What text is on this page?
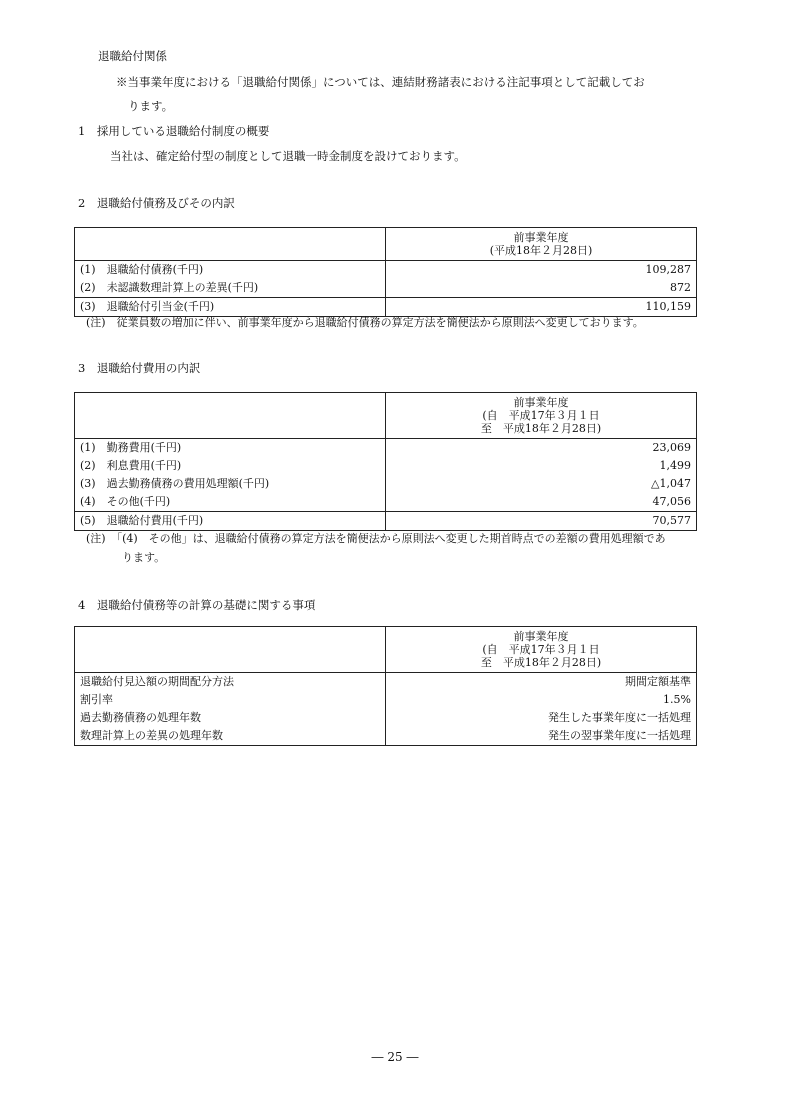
退職給付関係
※当事業年度における「退職給付関係」については、連結財務諸表における注記事項として記載してお
ります。
1　採用している退職給付制度の概要
当社は、確定給付型の制度として退職一時金制度を設けております。
2　退職給付債務及びその内訳

	前事業年度
(平成18年２月28日)

(1)　退職給付債務(千円)	109,287
(2)　未認識数理計算上の差異(千円)	872
(3)　退職給付引当金(千円)	110,159
(注)　従業員数の増加に伴い、前事業年度から退職給付債務の算定方法を簡便法から原則法へ変更しております。
3　退職給付費用の内訳

	前事業年度
(自　平成17年３月１日
至　平成18年２月28日)

(1)　勤務費用(千円)	23,069
(2)　利息費用(千円)	1,499
(3)　過去勤務債務の費用処理額(千円)	△1,047
(4)　その他(千円)	47,056
(5)　退職給付費用(千円)	70,577
(注)　「(4)　その他」は、退職給付債務の算定方法を簡便法から原則法へ変更した期首時点での差額の費用処理額であ
ります。
4　退職給付債務等の計算の基礎に関する事項

	前事業年度
(自　平成17年３月１日
至　平成18年２月28日)

退職給付見込額の期間配分方法	期間定額基準
割引率	1.5%
過去勤務債務の処理年数	発生した事業年度に一括処理
数理計算上の差異の処理年数	発生の翌事業年度に一括処理
― 25 ―
